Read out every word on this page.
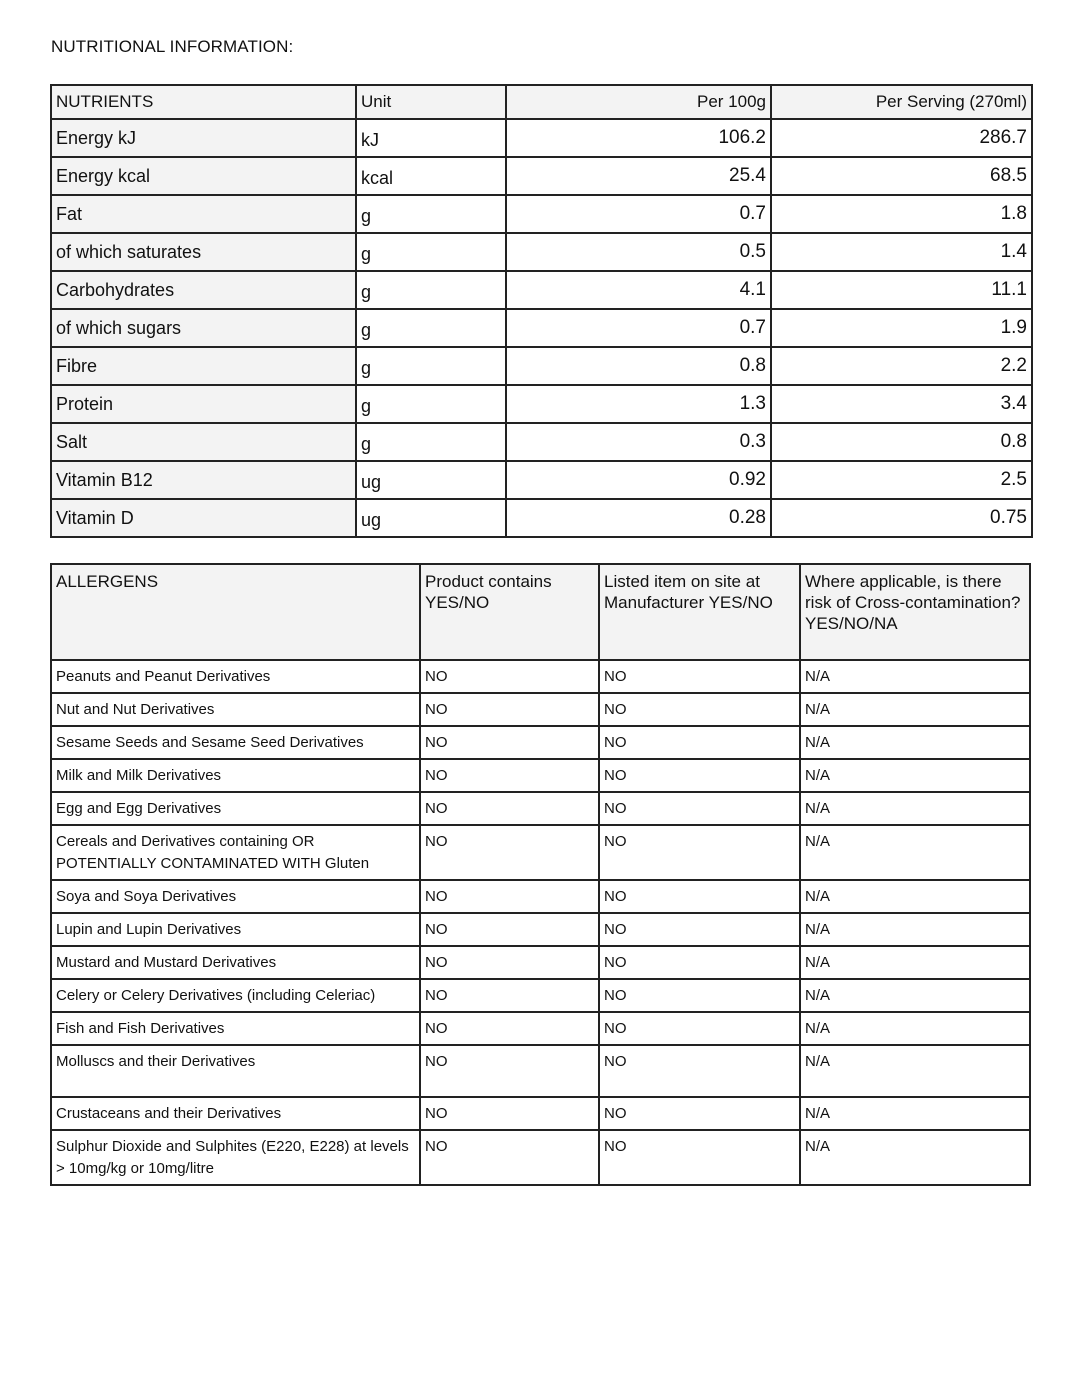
NUTRITIONAL INFORMATION:
NUTRIENTS	Unit	Per 100g	Per Serving (270ml)
Energy kJ	kJ	106.2	286.7
Energy kcal	kcal	25.4	68.5
Fat	g	0.7	1.8
of which saturates	g	0.5	1.4
Carbohydrates	g	4.1	11.1
of which sugars	g	0.7	1.9
Fibre	g	0.8	2.2
Protein	g	1.3	3.4
Salt	g	0.3	0.8
Vitamin B12	ug	0.92	2.5
Vitamin D	ug	0.28	0.75
ALLERGENS	Product contains YES/NO	Listed item on site at Manufacturer YES/NO	Where applicable, is there risk of Cross-contamination? YES/NO/NA
Peanuts and Peanut Derivatives	NO	NO	N/A
Nut and Nut Derivatives	NO	NO	N/A
Sesame Seeds and Sesame Seed Derivatives	NO	NO	N/A
Milk and Milk Derivatives	NO	NO	N/A
Egg and Egg Derivatives	NO	NO	N/A
Cereals and Derivatives containing OR POTENTIALLY CONTAMINATED WITH Gluten	NO	NO	N/A
Soya and Soya Derivatives	NO	NO	N/A
Lupin and Lupin Derivatives	NO	NO	N/A
Mustard and Mustard Derivatives	NO	NO	N/A
Celery or Celery Derivatives (including Celeriac)	NO	NO	N/A
Fish and Fish Derivatives	NO	NO	N/A
Molluscs and their Derivatives	NO	NO	N/A
Crustaceans and their Derivatives	NO	NO	N/A
Sulphur Dioxide and Sulphites (E220, E228) at levels > 10mg/kg or 10mg/litre	NO	NO	N/A
